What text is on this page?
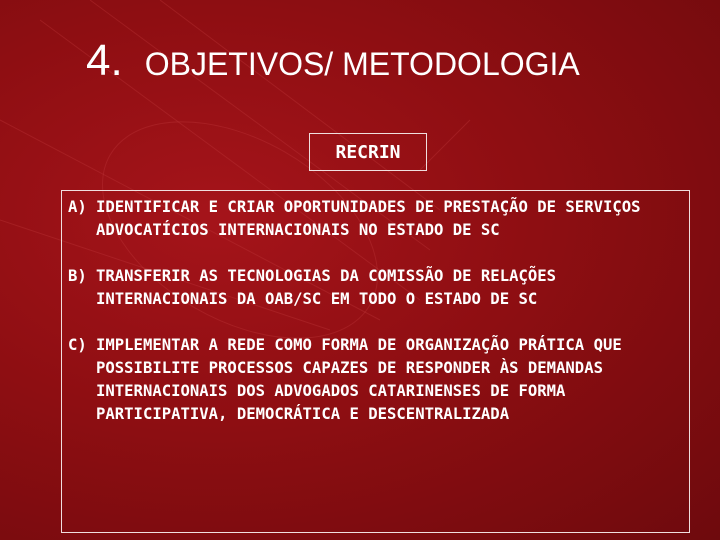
4. OBJETIVOS/ METODOLOGIA
RECRIN
A) IDENTIFICAR E CRIAR OPORTUNIDADES DE PRESTAÇÃO DE SERVIÇOS ADVOCATÍCIOS INTERNACIONAIS NO ESTADO DE SC
B) TRANSFERIR AS TECNOLOGIAS DA COMISSÃO DE RELAÇÕES INTERNACIONAIS DA OAB/SC EM TODO O ESTADO DE SC
C) IMPLEMENTAR A REDE COMO FORMA DE ORGANIZAÇÃO PRÁTICA QUE POSSIBILITE PROCESSOS CAPAZES DE RESPONDER ÀS DEMANDAS INTERNACIONAIS DOS ADVOGADOS CATARINENSES DE FORMA PARTICIPATIVA, DEMOCRÁTICA E DESCENTRALIZADA
